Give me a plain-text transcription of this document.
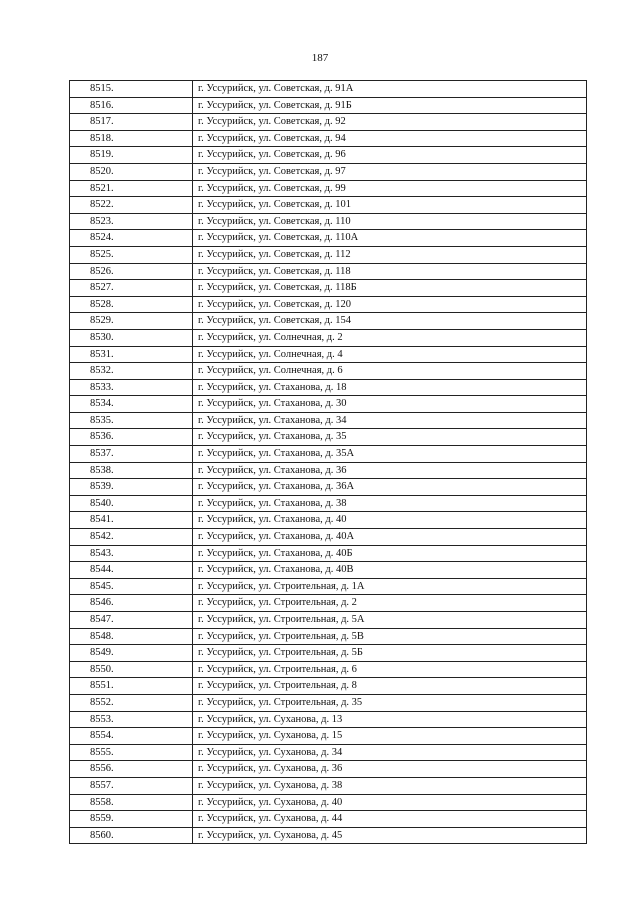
187
8515.	г. Уссурийск, ул. Советская, д. 91А
8516.	г. Уссурийск, ул. Советская, д. 91Б
8517.	г. Уссурийск, ул. Советская, д. 92
8518.	г. Уссурийск, ул. Советская, д. 94
8519.	г. Уссурийск, ул. Советская, д. 96
8520.	г. Уссурийск, ул. Советская, д. 97
8521.	г. Уссурийск, ул. Советская, д. 99
8522.	г. Уссурийск, ул. Советская, д. 101
8523.	г. Уссурийск, ул. Советская, д. 110
8524.	г. Уссурийск, ул. Советская, д. 110А
8525.	г. Уссурийск, ул. Советская, д. 112
8526.	г. Уссурийск, ул. Советская, д. 118
8527.	г. Уссурийск, ул. Советская, д. 118Б
8528.	г. Уссурийск, ул. Советская, д. 120
8529.	г. Уссурийск, ул. Советская, д. 154
8530.	г. Уссурийск, ул. Солнечная, д. 2
8531.	г. Уссурийск, ул. Солнечная, д. 4
8532.	г. Уссурийск, ул. Солнечная, д. 6
8533.	г. Уссурийск, ул. Стаханова, д. 18
8534.	г. Уссурийск, ул. Стаханова, д. 30
8535.	г. Уссурийск, ул. Стаханова, д. 34
8536.	г. Уссурийск, ул. Стаханова, д. 35
8537.	г. Уссурийск, ул. Стаханова, д. 35А
8538.	г. Уссурийск, ул. Стаханова, д. 36
8539.	г. Уссурийск, ул. Стаханова, д. 36А
8540.	г. Уссурийск, ул. Стаханова, д. 38
8541.	г. Уссурийск, ул. Стаханова, д. 40
8542.	г. Уссурийск, ул. Стаханова, д. 40А
8543.	г. Уссурийск, ул. Стаханова, д. 40Б
8544.	г. Уссурийск, ул. Стаханова, д. 40В
8545.	г. Уссурийск, ул. Строительная, д. 1А
8546.	г. Уссурийск, ул. Строительная, д. 2
8547.	г. Уссурийск, ул. Строительная, д. 5А
8548.	г. Уссурийск, ул. Строительная, д. 5В
8549.	г. Уссурийск, ул. Строительная, д. 5Б
8550.	г. Уссурийск, ул. Строительная, д. 6
8551.	г. Уссурийск, ул. Строительная, д. 8
8552.	г. Уссурийск, ул. Строительная, д. 35
8553.	г. Уссурийск, ул. Суханова, д. 13
8554.	г. Уссурийск, ул. Суханова, д. 15
8555.	г. Уссурийск, ул. Суханова, д. 34
8556.	г. Уссурийск, ул. Суханова, д. 36
8557.	г. Уссурийск, ул. Суханова, д. 38
8558.	г. Уссурийск, ул. Суханова, д. 40
8559.	г. Уссурийск, ул. Суханова, д. 44
8560.	г. Уссурийск, ул. Суханова, д. 45
